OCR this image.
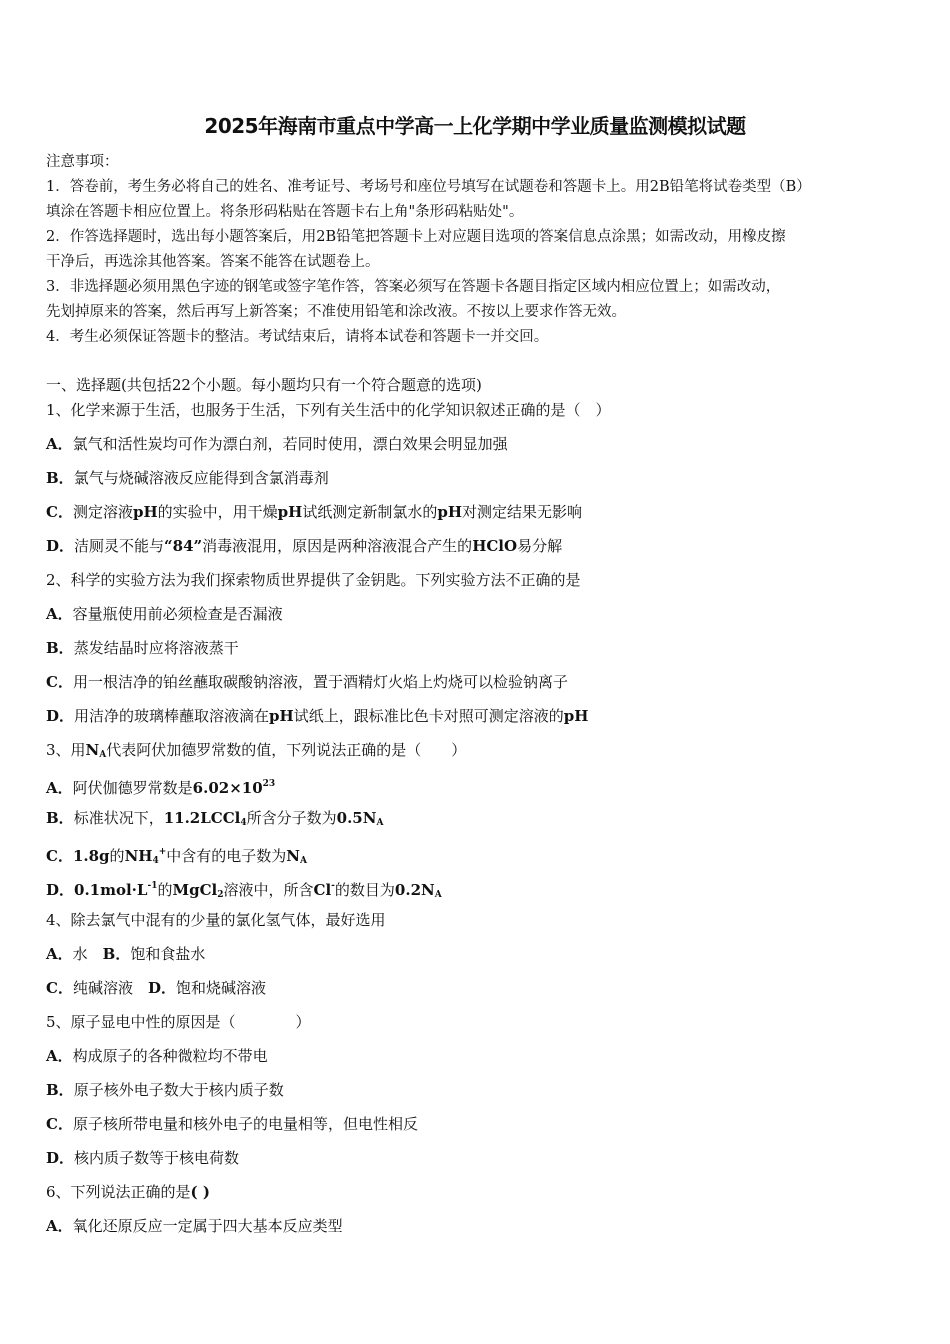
2025年海南市重点中学高一上化学期中学业质量监测模拟试题
注意事项：
1．答卷前，考生务必将自己的姓名、准考证号、考场号和座位号填写在试题卷和答题卡上。用2B铅笔将试卷类型（B）
填涂在答题卡相应位置上。将条形码粘贴在答题卡右上角"条形码粘贴处"。
2．作答选择题时，选出每小题答案后，用2B铅笔把答题卡上对应题目选项的答案信息点涂黑；如需改动，用橡皮擦
干净后，再选涂其他答案。答案不能答在试题卷上。
3．非选择题必须用黑色字迹的钢笔或签字笔作答，答案必须写在答题卡各题目指定区域内相应位置上；如需改动，
先划掉原来的答案，然后再写上新答案；不准使用铅笔和涂改液。不按以上要求作答无效。
4．考生必须保证答题卡的整洁。考试结束后，请将本试卷和答题卡一并交回。
一、选择题(共包括22个小题。每小题均只有一个符合题意的选项)
1、化学来源于生活，也服务于生活，下列有关生活中的化学知识叙述正确的是（　）
A．氯气和活性炭均可作为漂白剂，若同时使用，漂白效果会明显加强
B．氯气与烧碱溶液反应能得到含氯消毒剂
C．测定溶液pH的实验中，用干燥pH试纸测定新制氯水的pH对测定结果无影响
D．洁厕灵不能与“84”消毒液混用，原因是两种溶液混合产生的HClO易分解
2、科学的实验方法为我们探索物质世界提供了金钥匙。下列实验方法不正确的是
A．容量瓶使用前必须检查是否漏液
B．蒸发结晶时应将溶液蒸干
C．用一根洁净的铂丝蘸取碳酸钠溶液，置于酒精灯火焰上灼烧可以检验钠离子
D．用洁净的玻璃棒蘸取溶液滴在pH试纸上，跟标准比色卡对照可测定溶液的pH
3、用$N_A$代表阿伏加德罗常数的值，下列说法正确的是（　　）
A．阿伏伽德罗常数是$6.02\times 10^{23}$
B．标准状况下，11.2LCCl$_4$所含分子数为$0.5N_A$
C．1.8g的$NH_4^+$中含有的电子数为$N_A$
D．$0.1mol\cdot L^{-1}$的MgCl$_2$溶液中，所含Cl-的数目为$0.2N_A$
4、除去氯气中混有的少量的氯化氢气体，最好选用
A．水　B．饱和食盐水
C．纯碱溶液　D．饱和烧碱溶液
5、原子显电中性的原因是（　　　　）
A．构成原子的各种微粒均不带电
B．原子核外电子数大于核内质子数
C．原子核所带电量和核外电子的电量相等，但电性相反
D．核内质子数等于核电荷数
6、下列说法正确的是( )
A．氧化还原反应一定属于四大基本反应类型
